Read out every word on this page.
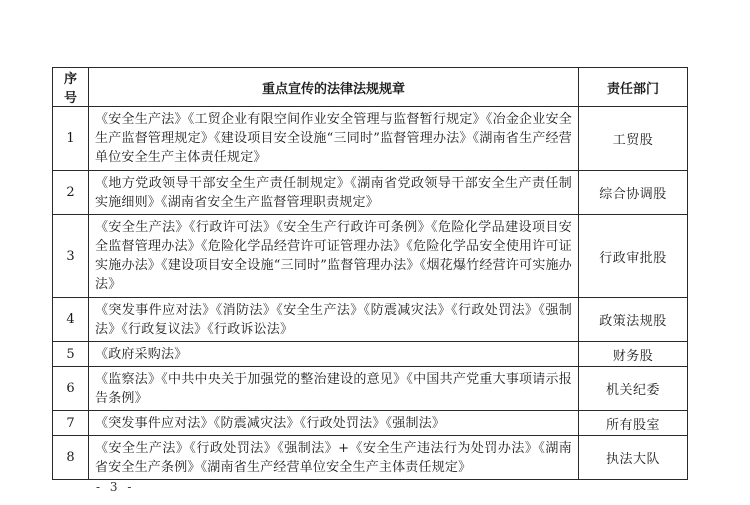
序号	重点宣传的法律法规规章	责任部门
1	《安全生产法》《工贸企业有限空间作业安全管理与监督暂行规定》《冶金企业安全生产监督管理规定》《建设项目安全设施“三同时”监督管理办法》《湖南省生产经营单位安全生产主体责任规定》	工贸股
2	《地方党政领导干部安全生产责任制规定》《湖南省党政领导干部安全生产责任制实施细则》《湖南省安全生产监督管理职责规定》	综合协调股
3	《安全生产法》《行政许可法》《安全生产行政许可条例》《危险化学品建设项目安全监督管理办法》《危险化学品经营许可证管理办法》《危险化学品安全使用许可证实施办法》《建设项目安全设施“三同时”监督管理办法》《烟花爆竹经营许可实施办法》	行政审批股
4	《突发事件应对法》《消防法》《安全生产法》《防震减灾法》《行政处罚法》《强制法》《行政复议法》《行政诉讼法》	政策法规股
5	《政府采购法》	财务股
6	《监察法》《中共中央关于加强党的整治建设的意见》《中国共产党重大事项请示报告条例》	机关纪委
7	《突发事件应对法》《防震减灾法》《行政处罚法》《强制法》	所有股室
8	《安全生产法》《行政处罚法》《强制法》+《安全生产违法行为处罚办法》《湖南省安全生产条例》《湖南省生产经营单位安全生产主体责任规定》	执法大队
- 3 -
